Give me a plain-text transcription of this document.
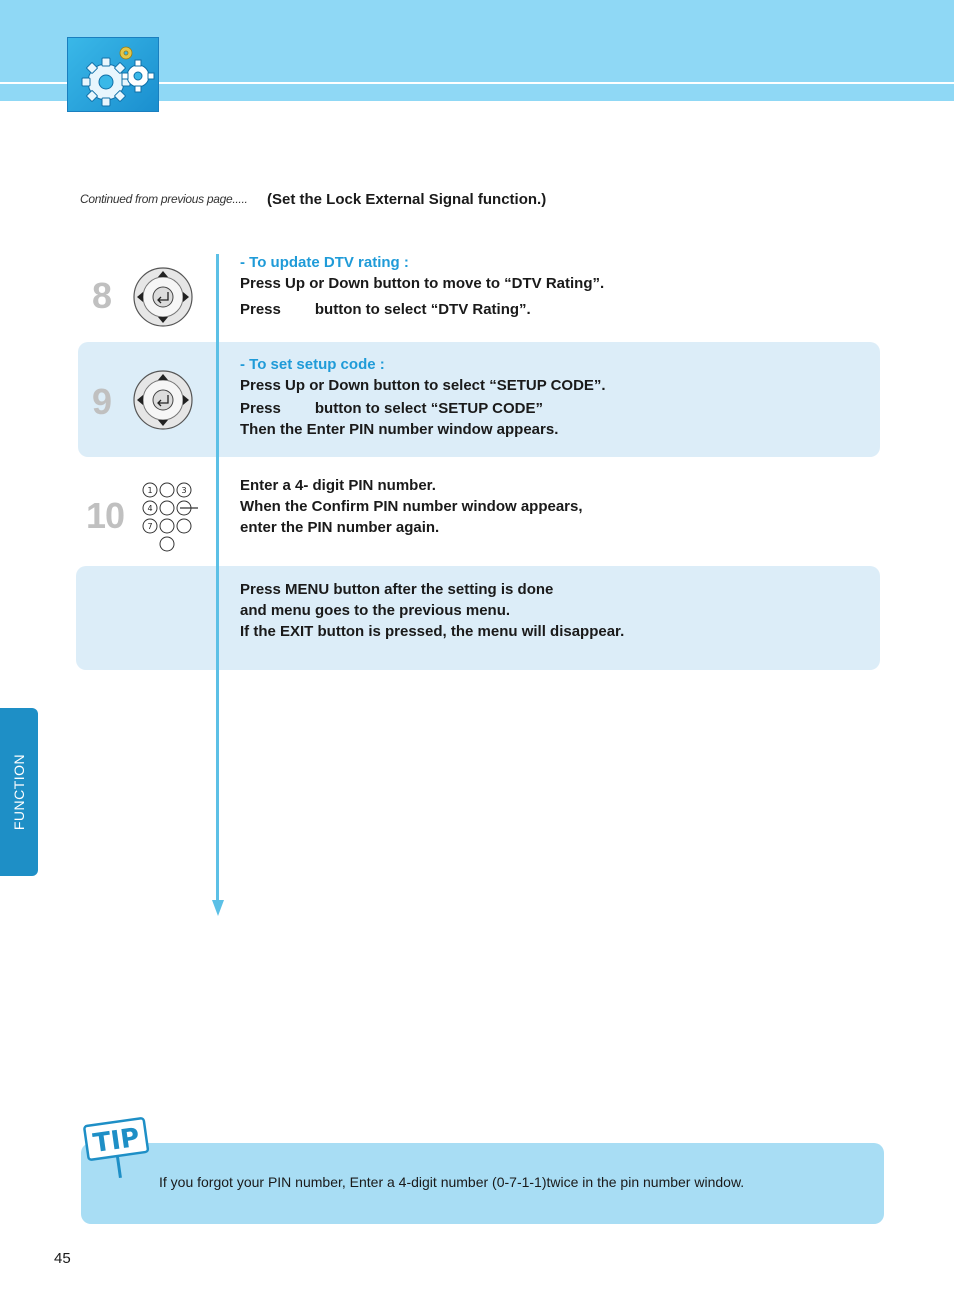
Continued from previous page..... (Set the Lock External Signal function.)
8
- To update DTV rating :
Press Up or Down button to move to “DTV Rating”.
Press button to select “DTV Rating”.
9
- To set setup code :
Press Up or Down button to select “SETUP CODE”.
Press button to select “SETUP CODE”
Then the Enter PIN number window appears.
10
1	3
4
7
Enter a 4- digit PIN number.
When the Confirm PIN number window appears,
enter the PIN number again.
Press MENU button after the setting is done
and menu goes to the previous menu.
If the EXIT button is pressed, the menu will disappear.
FUNCTION
TIP
If you forgot your PIN number, Enter a 4-digit number (0-7-1-1)twice in the pin number window.
45
